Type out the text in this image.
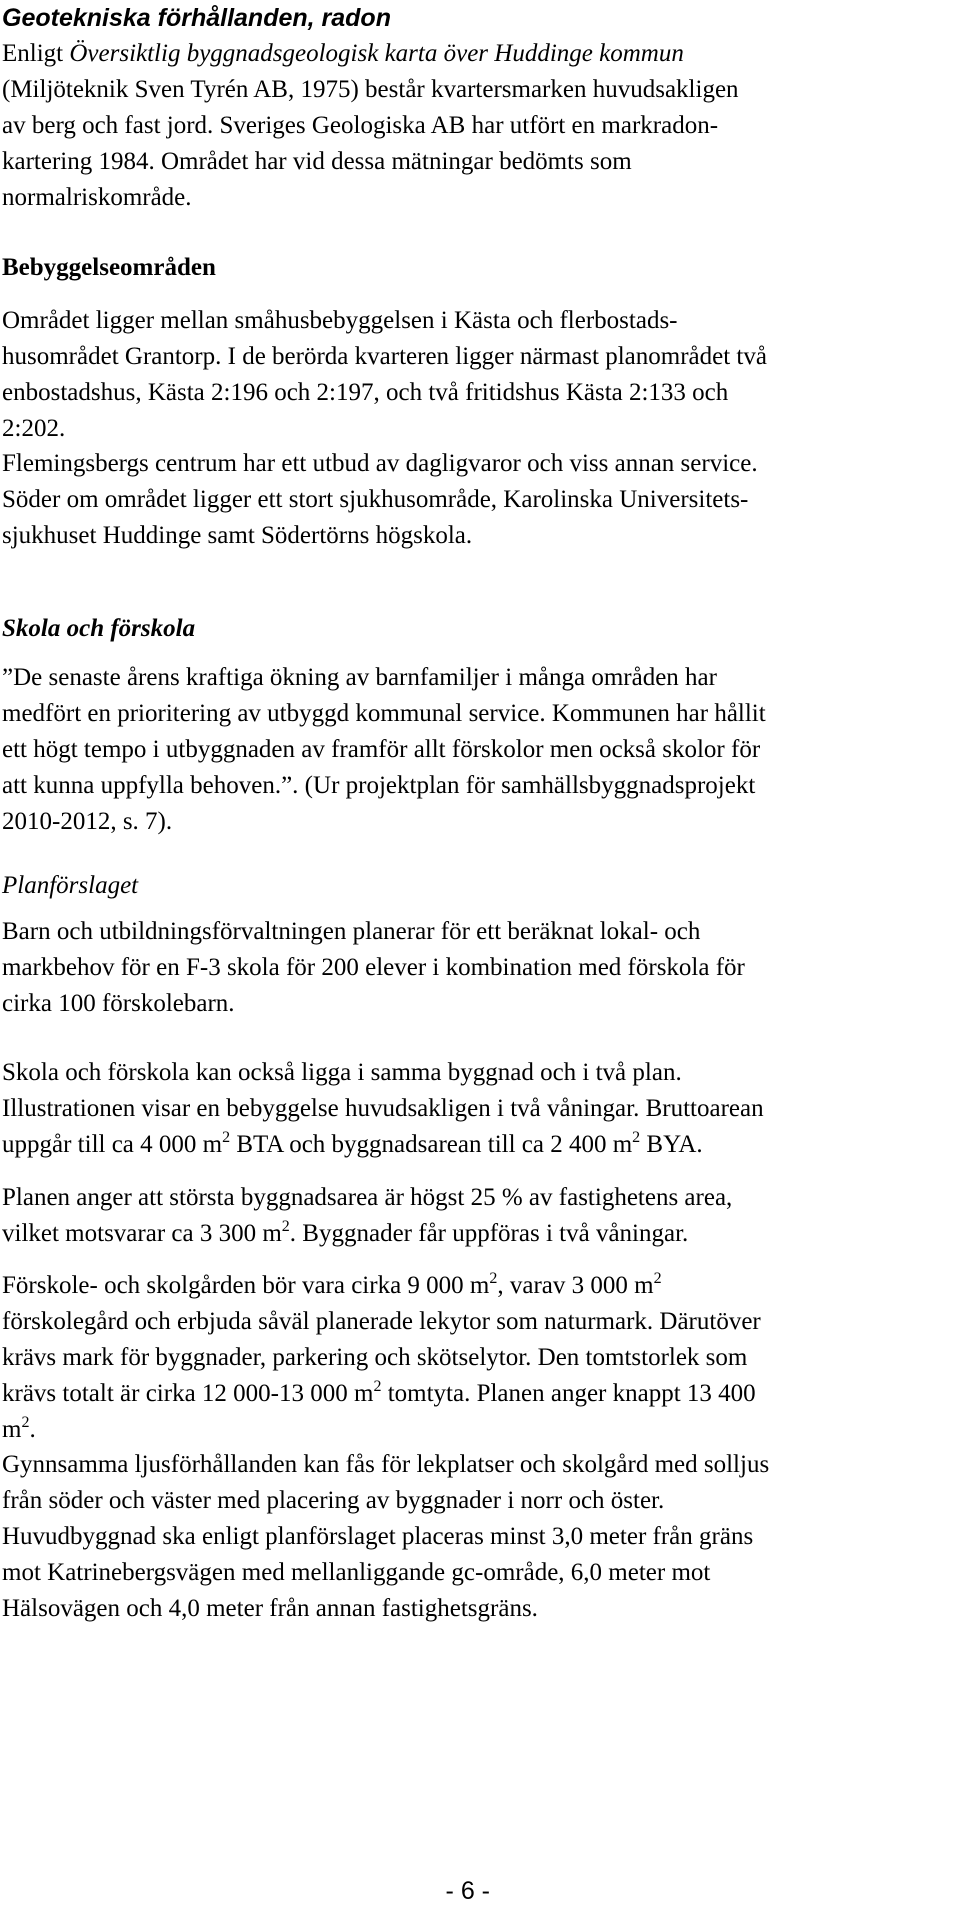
Geotekniska förhållanden, radon
Enligt Översiktlig byggnadsgeologisk karta över Huddinge kommun
(Miljöteknik Sven Tyrén AB, 1975) består kvartersmarken huvudsakligen
av berg och fast jord. Sveriges Geologiska AB har utfört en markradon-
kartering 1984. Området har vid dessa mätningar bedömts som
normalriskområde.
Bebyggelseområden
Området ligger mellan småhusbebyggelsen i Kästa och flerbostads-
husområdet Grantorp. I de berörda kvarteren ligger närmast planområdet två
enbostadshus, Kästa 2:196 och 2:197, och två fritidshus Kästa 2:133 och
2:202.
Flemingsbergs centrum har ett utbud av dagligvaror och viss annan service.
Söder om området ligger ett stort sjukhusområde, Karolinska Universitets-
sjukhuset Huddinge samt Södertörns högskola.
Skola och förskola
”De senaste årens kraftiga ökning av barnfamiljer i många områden har
medfört en prioritering av utbyggd kommunal service. Kommunen har hållit
ett högt tempo i utbyggnaden av framför allt förskolor men också skolor för
att kunna uppfylla behoven.”. (Ur projektplan för samhällsbyggnadsprojekt
2010-2012, s. 7).
Planförslaget
Barn och utbildningsförvaltningen planerar för ett beräknat lokal- och
markbehov för en F-3 skola för 200 elever i kombination med förskola för
cirka 100 förskolebarn.
Skola och förskola kan också ligga i samma byggnad och i två plan.
Illustrationen visar en bebyggelse huvudsakligen i två våningar. Bruttoarean
uppgår till ca 4 000 $m^2$ BTA och byggnadsarean till ca 2 400 $m^2$ BYA.
Planen anger att största byggnadsarea är högst 25 % av fastighetens area,
vilket motsvarar ca 3 300 $m^2$. Byggnader får uppföras i två våningar.
Förskole- och skolgården bör vara cirka 9 000 $m^2$, varav 3 000 $m^2$
förskolegård och erbjuda såväl planerade lekytor som naturmark. Därutöver
krävs mark för byggnader, parkering och skötselytor. Den tomtstorlek som
krävs totalt är cirka 12 000-13 000 $m^2$ tomtyta. Planen anger knappt 13 400
$m^2$.
Gynnsamma ljusförhållanden kan fås för lekplatser och skolgård med solljus
från söder och väster med placering av byggnader i norr och öster.
Huvudbyggnad ska enligt planförslaget placeras minst 3,0 meter från gräns
mot Katrinebergsvägen med mellanliggande gc-område, 6,0 meter mot
Hälsovägen och 4,0 meter från annan fastighetsgräns.
- 6 -
